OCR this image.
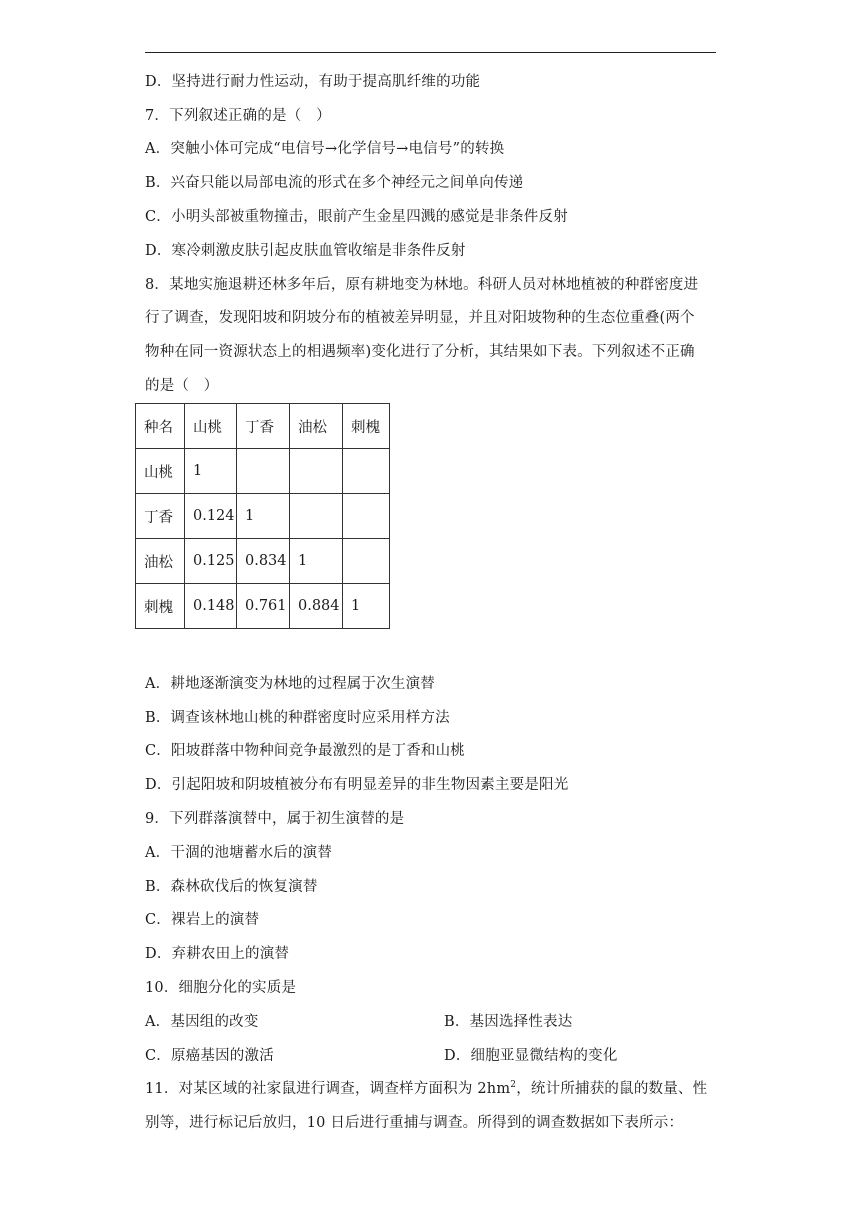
D．坚持进行耐力性运动，有助于提高肌纤维的功能
7．下列叙述正确的是（　）
A．突触小体可完成“电信号→化学信号→电信号”的转换
B．兴奋只能以局部电流的形式在多个神经元之间单向传递
C．小明头部被重物撞击，眼前产生金星四溅的感觉是非条件反射
D．寒冷刺激皮肤引起皮肤血管收缩是非条件反射
8．某地实施退耕还林多年后，原有耕地变为林地。科研人员对林地植被的种群密度进
行了调查，发现阳坡和阴坡分布的植被差异明显，并且对阳坡物种的生态位重叠(两个
物种在同一资源状态上的相遇频率)变化进行了分析，其结果如下表。下列叙述不正确
的是（　）
种名	山桃	丁香	油松	刺槐
山桃	1			
丁香	0.124	1		
油松	0.125	0.834	1	
刺槐	0.148	0.761	0.884	1
A．耕地逐渐演变为林地的过程属于次生演替
B．调查该林地山桃的种群密度时应采用样方法
C．阳坡群落中物种间竞争最激烈的是丁香和山桃
D．引起阳坡和阴坡植被分布有明显差异的非生物因素主要是阳光
9．下列群落演替中，属于初生演替的是
A．干涸的池塘蓄水后的演替
B．森林砍伐后的恢复演替
C．裸岩上的演替
D．弃耕农田上的演替
10．细胞分化的实质是
A．基因组的改变	B．基因选择性表达
C．原癌基因的激活	D．细胞亚显微结构的变化
11．对某区域的社家鼠进行调查，调查样方面积为 $2hm^2$，统计所捕获的鼠的数量、性
别等，进行标记后放归，10 日后进行重捕与调查。所得到的调查数据如下表所示：
